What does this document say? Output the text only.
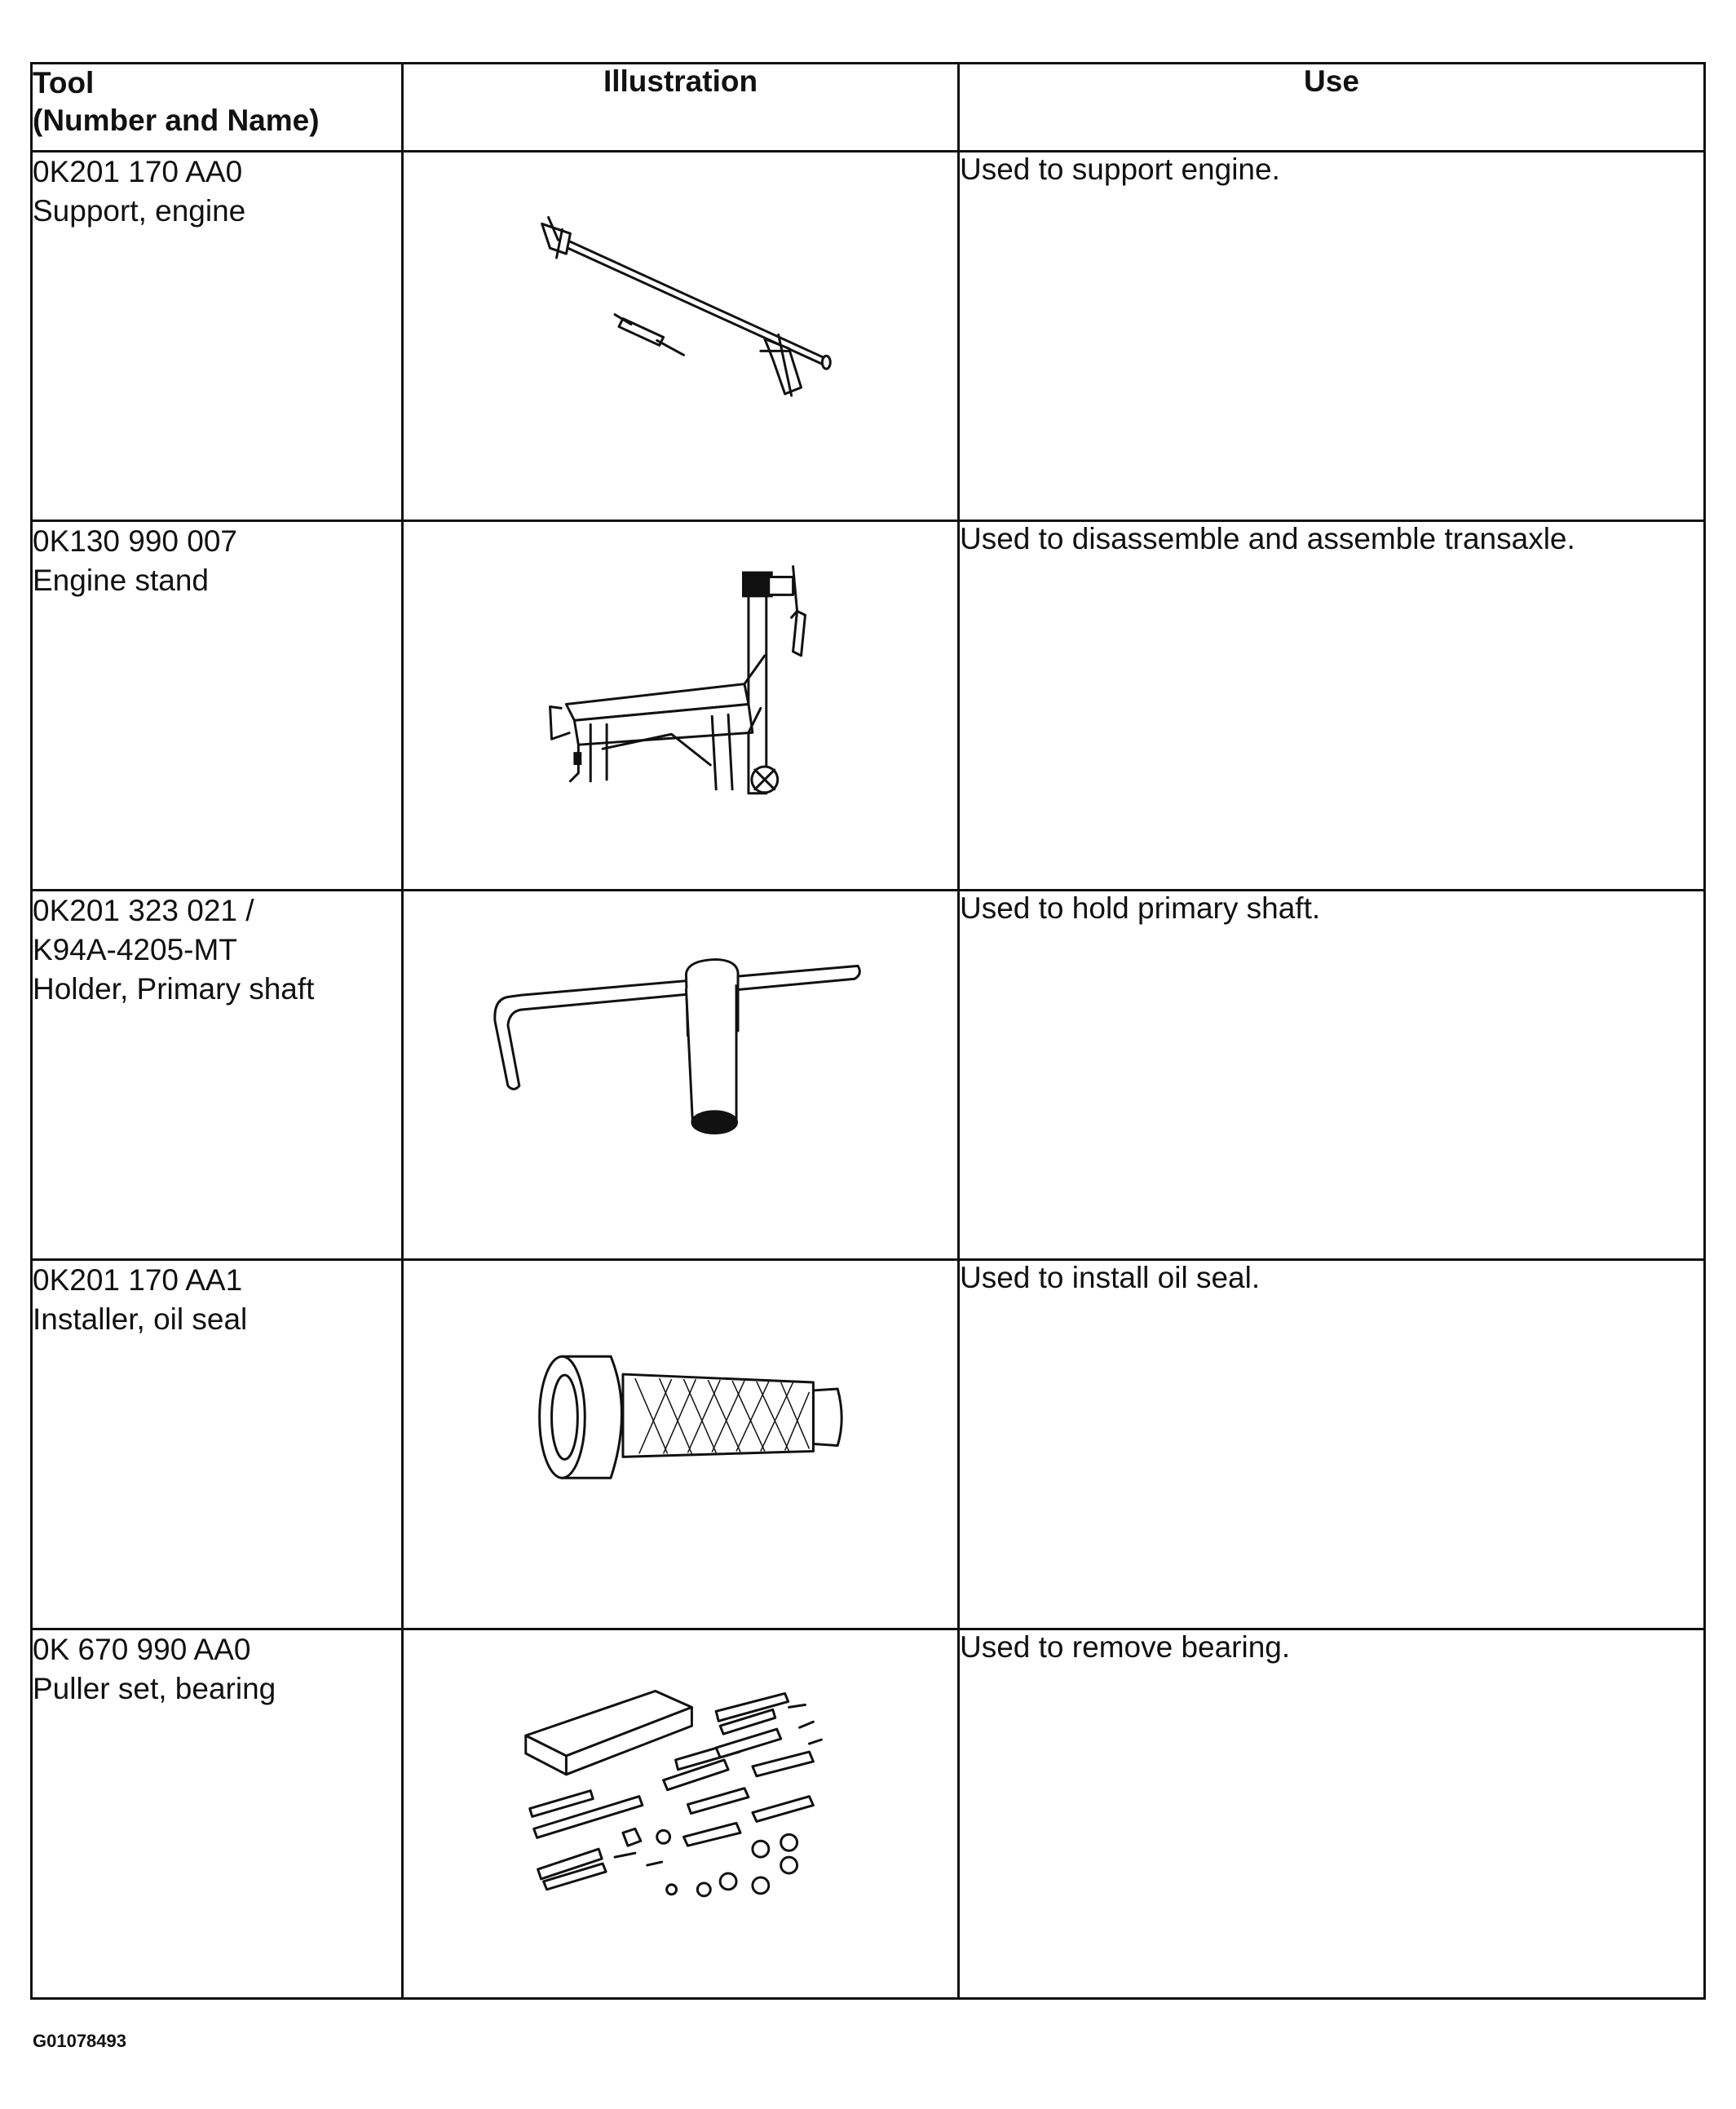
Tool
(Number and Name)	Illustration	Use

0K201 170 AA0
Support, engine		Used to support engine.

0K130 990 007
Engine stand		Used to disassemble and assemble transaxle.

0K201 323 021 /
K94A-4205-MT
Holder, Primary shaft		Used to hold primary shaft.

0K201 170 AA1
Installer, oil seal		Used to install oil seal.

0K 670 990 AA0
Puller set, bearing		Used to remove bearing.
G01078493
